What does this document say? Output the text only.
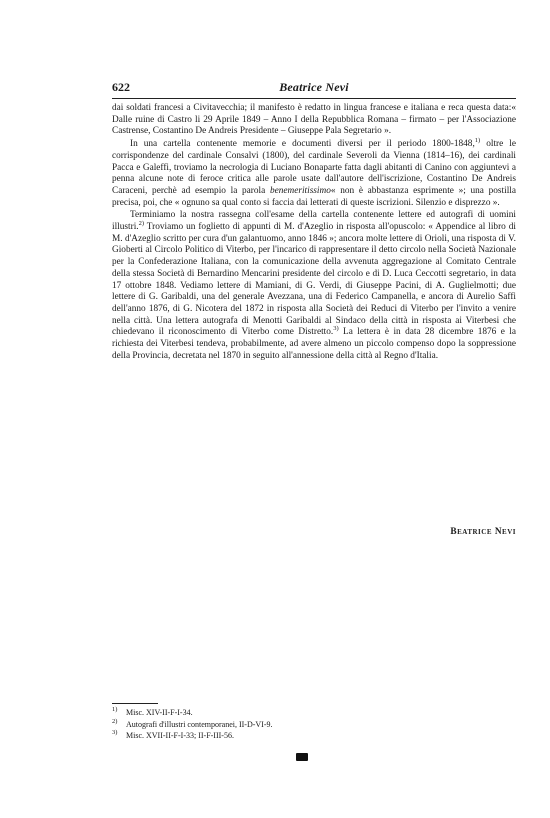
622	Beatrice Nevi

dai soldati francesi a Civitavecchia; il manifesto è redatto in lingua francese e italiana e reca questa data:« Dalle ruine di Castro li 29 Aprile 1849 – Anno I della Repubblica Romana – firmato – per l'Associazione Castrense, Costantino De Andreis Presidente – Giuseppe Pala Segretario ».

In una cartella contenente memorie e documenti diversi per il periodo 1800-1848,$^{1)}$ oltre le corrispondenze del cardinale Consalvi (1800), del cardinale Severoli da Vienna (1814–16), dei cardinali Pacca e Galeffi, troviamo la necrologia di Luciano Bonaparte fatta dagli abitanti di Canino con aggiuntevi a penna alcune note di feroce critica alle parole usate dall'autore dell'iscrizione, Costantino De Andreis Caraceni, perchè ad esempio la parola benemeritissimo« non è abbastanza esprimente »; una postilla precisa, poi, che « ognuno sa qual conto si faccia dai letterati di queste iscrizioni. Silenzio e disprezzo ».

Terminiamo la nostra rassegna coll'esame della cartella contenente lettere ed autografi di uomini illustri.$^{2)}$ Troviamo un foglietto di appunti di M. d'Azeglio in risposta all'opuscolo: « Appendice al libro di M. d'Azeglio scritto per cura d'un galantuomo, anno 1846 »; ancora molte lettere di Orioli, una risposta di V. Gioberti al Circolo Politico di Viterbo, per l'incarico di rappresentare il detto circolo nella Società Nazionale per la Confederazione Italiana, con la comunicazione della avvenuta aggregazione al Comitato Centrale della stessa Società di Bernardino Mencarini presidente del circolo e di D. Luca Ceccotti segretario, in data 17 ottobre 1848. Vediamo lettere di Mamiani, di G. Verdi, di Giuseppe Pacini, di A. Guglielmotti; due lettere di G. Garibaldi, una del generale Avezzana, una di Federico Campanella, e ancora di Aurelio Saffi dell'anno 1876, di G. Nicotera del 1872 in risposta alla Società dei Reduci di Viterbo per l'invito a venire nella città. Una lettera autografa di Menotti Garibaldi al Sindaco della città in risposta ai Viterbesi che chiedevano il riconoscimento di Viterbo come Distretto.$^{3)}$ La lettera è in data 28 dicembre 1876 e la richiesta dei Viterbesi tendeva, probabilmente, ad avere almeno un piccolo compenso dopo la soppressione della Provincia, decretata nel 1870 in seguito all'annessione della città al Regno d'Italia.

Beatrice Nevi
$^{1)}$ Misc. XIV-II-F-I-34.
$^{2)}$ Autografi d'illustri contemporanei, II-D-VI-9.
$^{3)}$ Misc. XVII-II-F-I-33; II-F-III-56.
